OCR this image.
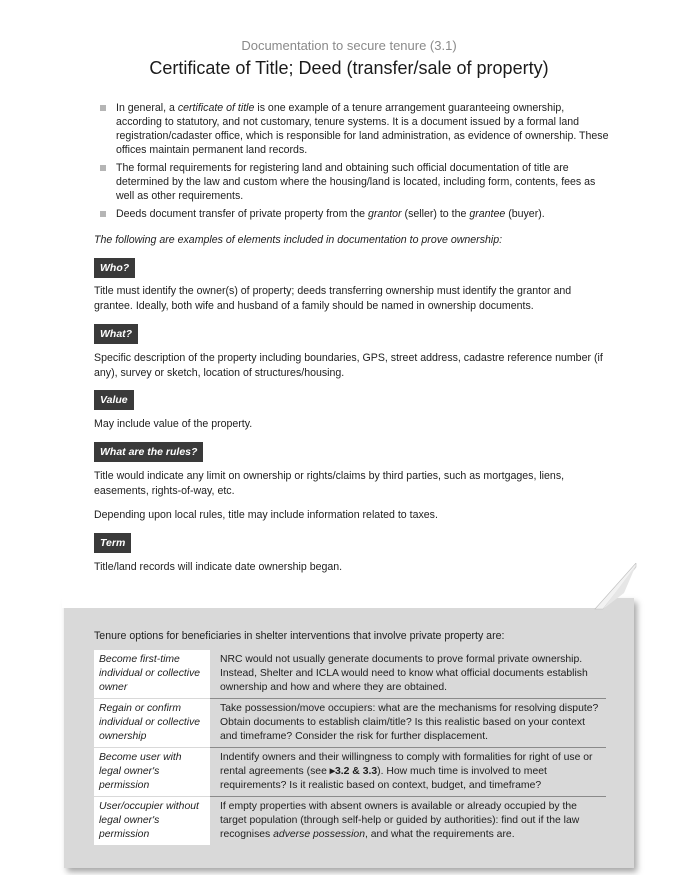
Documentation to secure tenure (3.1)
Certificate of Title; Deed (transfer/sale of property)
In general, a certificate of title is one example of a tenure arrangement guaranteeing ownership, according to statutory, and not customary, tenure systems. It is a document issued by a formal land registration/cadaster office, which is responsible for land administration, as evidence of ownership. These offices maintain permanent land records.
The formal requirements for registering land and obtaining such official documentation of title are determined by the law and custom where the housing/land is located, including form, contents, fees as well as other requirements.
Deeds document transfer of private property from the grantor (seller) to the grantee (buyer).
The following are examples of elements included in documentation to prove ownership:
Who?
Title must identify the owner(s) of property; deeds transferring ownership must identify the grantor and grantee. Ideally, both wife and husband of a family should be named in ownership documents.
What?
Specific description of the property including boundaries, GPS, street address, cadastre reference number (if any), survey or sketch, location of structures/housing.
Value
May include value of the property.
What are the rules?
Title would indicate any limit on ownership or rights/claims by third parties, such as mortgages, liens, easements, rights-of-way, etc.
Depending upon local rules, title may include information related to taxes.
Term
Title/land records will indicate date ownership began.
Tenure options for beneficiaries in shelter interventions that involve private property are:
Become first-time individual or collective owner	NRC would not usually generate documents to prove formal private ownership. Instead, Shelter and ICLA would need to know what official documents establish ownership and how and where they are obtained.
Regain or confirm individual or collective ownership	Take possession/move occupiers: what are the mechanisms for resolving dispute? Obtain documents to establish claim/title? Is this realistic based on your context and timeframe? Consider the risk for further displacement.
Become user with legal owner's permission	Indentify owners and their willingness to comply with formalities for right of use or rental agreements (see ▸3.2 & 3.3). How much time is involved to meet requirements? Is it realistic based on context, budget, and timeframe?
User/occupier without legal owner's permission	If empty properties with absent owners is available or already occupied by the target population (through self-help or guided by authorities): find out if the law recognises adverse possession, and what the requirements are.
